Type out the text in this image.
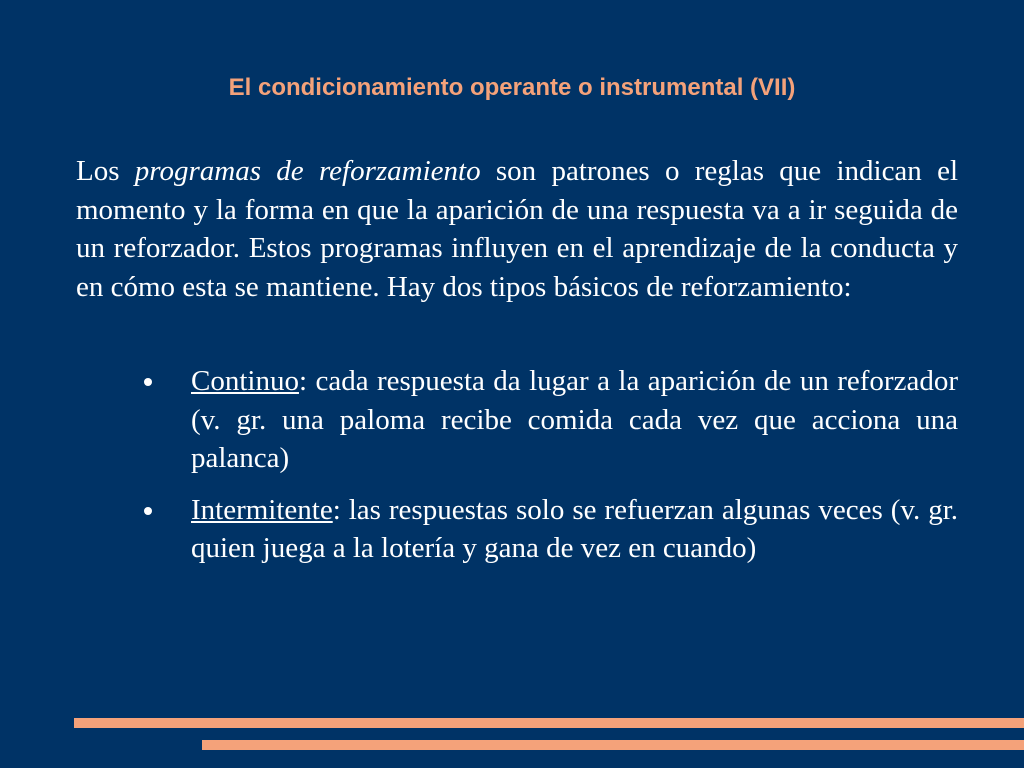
El condicionamiento operante o instrumental (VII)

Los programas de reforzamiento son patrones o reglas que indican el momento y la forma en que la aparición de una respuesta va a ir seguida de un reforzador. Estos programas influyen en el aprendizaje de la conducta y en cómo esta se mantiene. Hay dos tipos básicos de reforzamiento:

Continuo: cada respuesta da lugar a la aparición de un reforzador (v. gr. una paloma recibe comida cada vez que acciona una palanca)
Intermitente: las respuestas solo se refuerzan algunas veces (v. gr. quien juega a la lotería y gana de vez en cuando)
